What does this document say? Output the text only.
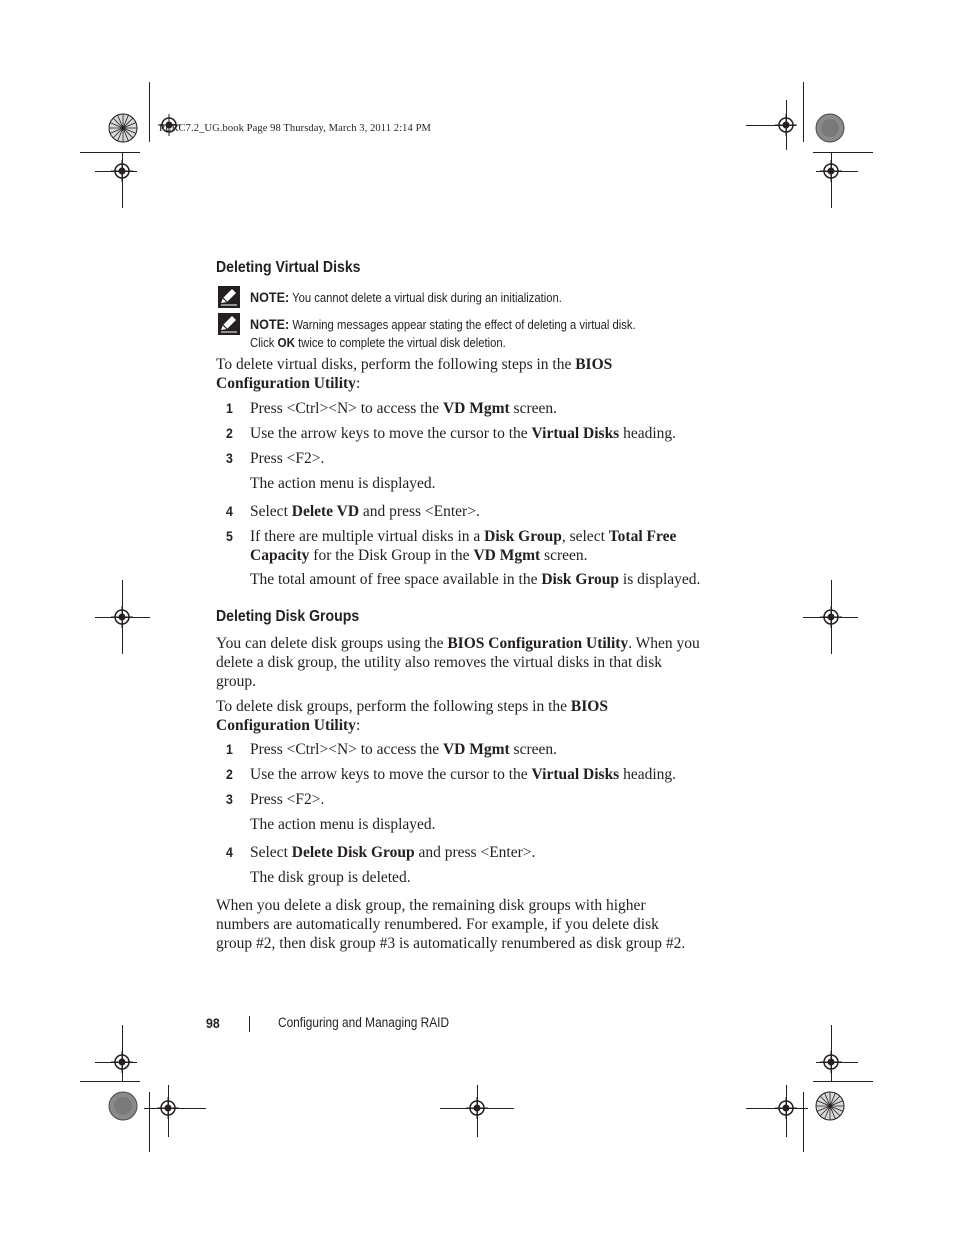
PERC7.2_UG.book Page 98 Thursday, March 3, 2011 2:14 PM
Deleting Virtual Disks
NOTE: You cannot delete a virtual disk during an initialization.
NOTE: Warning messages appear stating the effect of deleting a virtual disk.
Click OK twice to complete the virtual disk deletion.
To delete virtual disks, perform the following steps in the BIOS
Configuration Utility:
1 Press <Ctrl><N> to access the VD Mgmt screen.
2 Use the arrow keys to move the cursor to the Virtual Disks heading.
3 Press <F2>.
The action menu is displayed.
4 Select Delete VD and press <Enter>.
5 If there are multiple virtual disks in a Disk Group, select Total Free
Capacity for the Disk Group in the VD Mgmt screen.
The total amount of free space available in the Disk Group is displayed.
Deleting Disk Groups
You can delete disk groups using the BIOS Configuration Utility. When you
delete a disk group, the utility also removes the virtual disks in that disk
group.
To delete disk groups, perform the following steps in the BIOS
Configuration Utility:
1 Press <Ctrl><N> to access the VD Mgmt screen.
2 Use the arrow keys to move the cursor to the Virtual Disks heading.
3 Press <F2>.
The action menu is displayed.
4 Select Delete Disk Group and press <Enter>.
The disk group is deleted.
When you delete a disk group, the remaining disk groups with higher
numbers are automatically renumbered. For example, if you delete disk
group #2, then disk group #3 is automatically renumbered as disk group #2.
98	Configuring and Managing RAID
